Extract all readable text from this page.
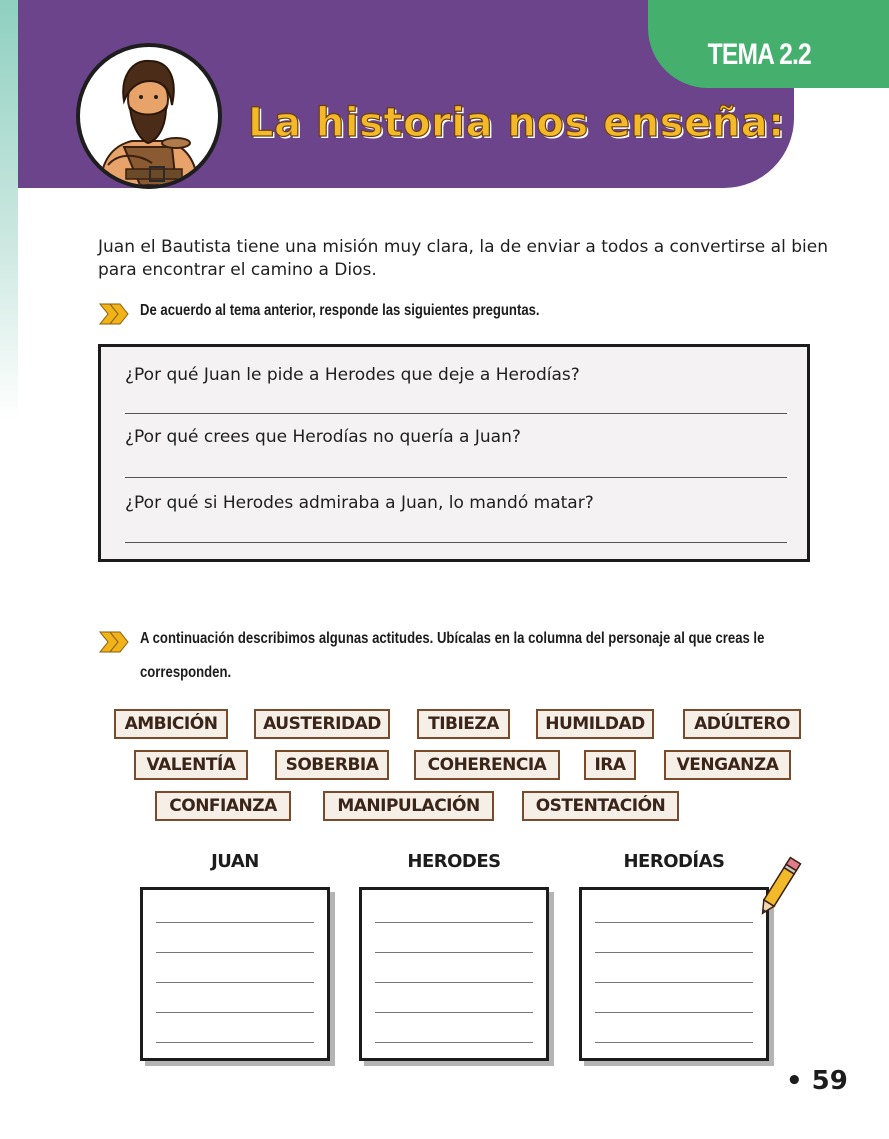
TEMA 2.2
La historia nos enseña:
Juan el Bautista tiene una misión muy clara, la de enviar a todos a convertirse al bien para encontrar el camino a Dios.
De acuerdo al tema anterior, responde las siguientes preguntas.
¿Por qué Juan le pide a Herodes que deje a Herodías?
¿Por qué crees que Herodías no quería a Juan?
¿Por qué si Herodes admiraba a Juan, lo mandó matar?
A continuación describimos algunas actitudes. Ubícalas en la columna del personaje al que creas le
corresponden.
AMBICIÓN	AUSTERIDAD	TIBIEZA	HUMILDAD	ADÚLTERO
VALENTÍA	SOBERBIA	COHERENCIA	IRA	VENGANZA
CONFIANZA	MANIPULACIÓN	OSTENTACIÓN
JUAN	HERODES	HERODÍAS
• 59
